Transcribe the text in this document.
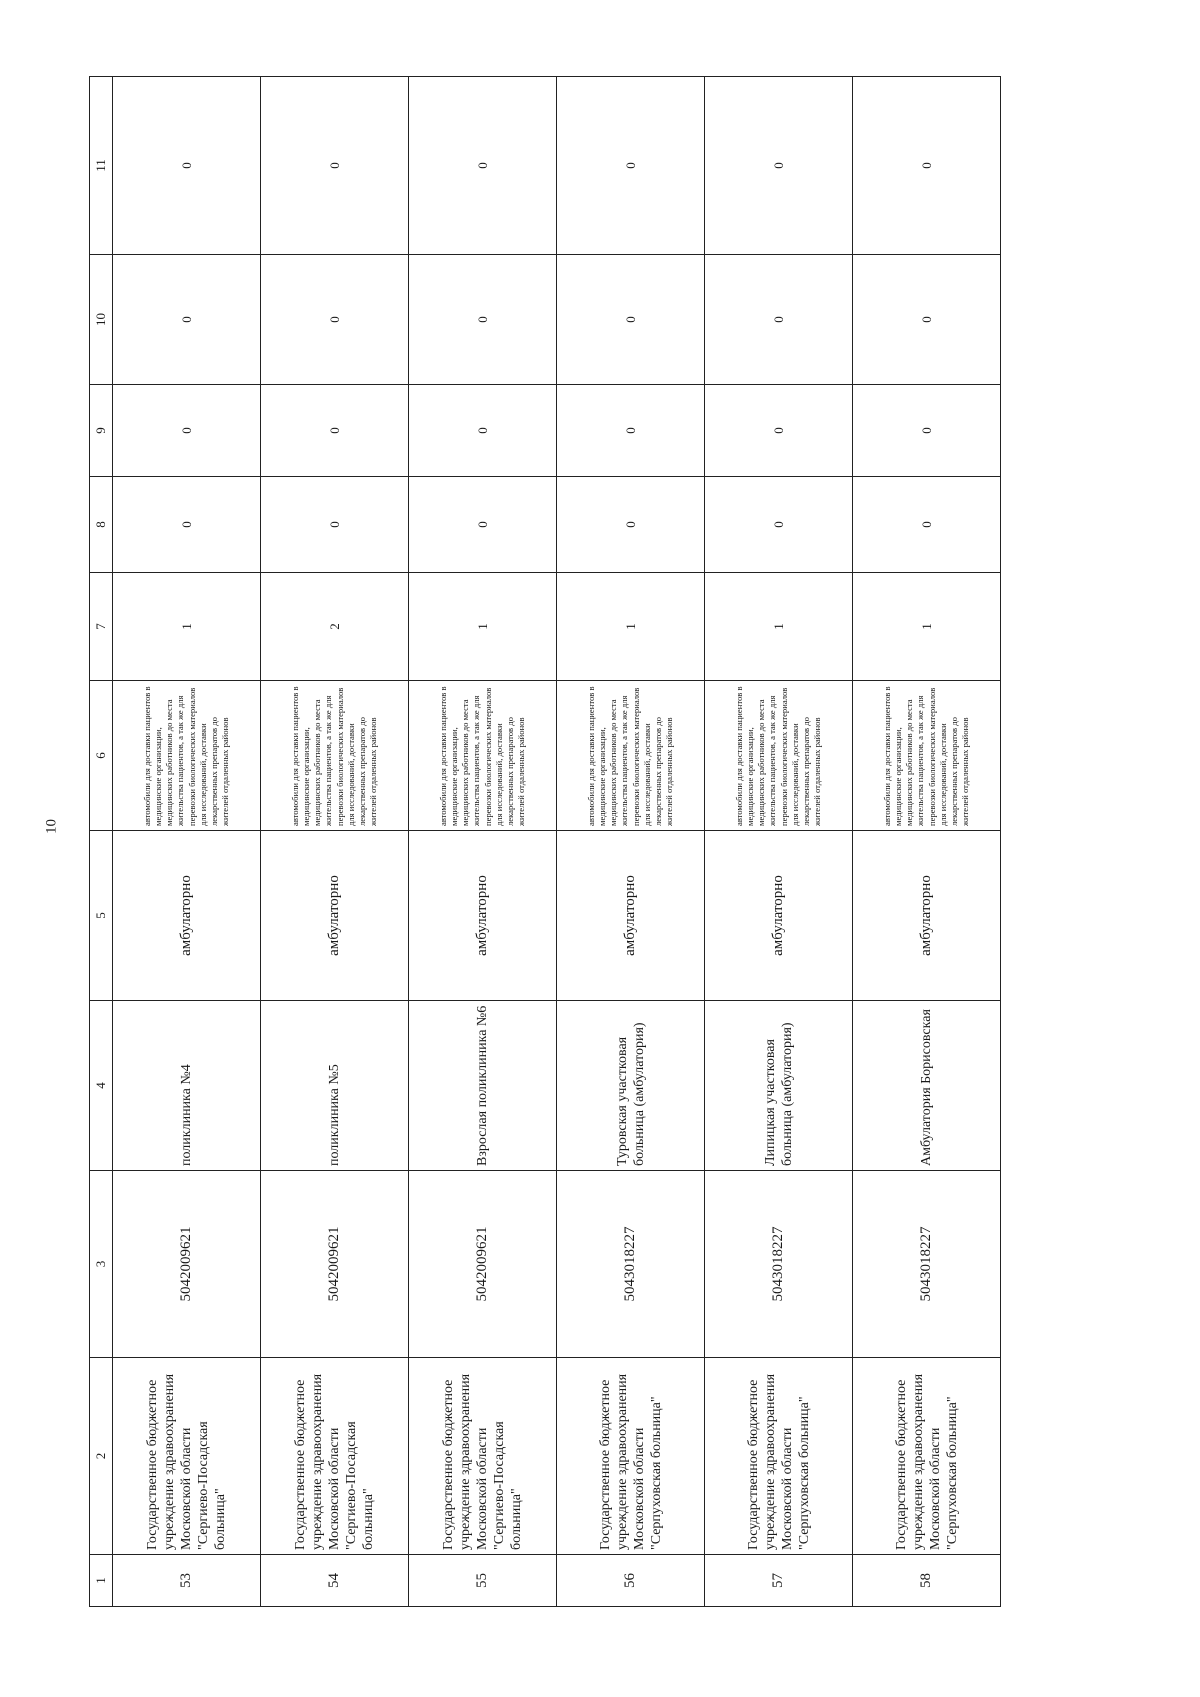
10
1	2	3	4	5	6	7	8	9	10	11
53	Государственное бюджетное учреждение здравоохранения Московской области "Сергиево-Посадская больница"	5042009621	поликлиника №4	амбулаторно	автомобили для доставки пациентов в медицинские организации, медицинских работников до места жительства пациентов, а так же для перевозки биологических материалов для исследований, доставки лекарственных препаратов до жителей отдаленных районов	1	0	0	0	0
54	Государственное бюджетное учреждение здравоохранения Московской области "Сергиево-Посадская больница"	5042009621	поликлиника №5	амбулаторно	автомобили для доставки пациентов в медицинские организации, медицинских работников до места жительства пациентов, а так же для перевозки биологических материалов для исследований, доставки лекарственных препаратов до жителей отдаленных районов	2	0	0	0	0
55	Государственное бюджетное учреждение здравоохранения Московской области "Сергиево-Посадская больница"	5042009621	Взрослая поликлиника №6	амбулаторно	автомобили для доставки пациентов в медицинские организации, медицинских работников до места жительства пациентов, а так же для перевозки биологических материалов для исследований, доставки лекарственных препаратов до жителей отдаленных районов	1	0	0	0	0
56	Государственное бюджетное учреждение здравоохранения Московской области "Серпуховская больница"	5043018227	Туровская участковая больница (амбулатория)	амбулаторно	автомобили для доставки пациентов в медицинские организации, медицинских работников до места жительства пациентов, а так же для перевозки биологических материалов для исследований, доставки лекарственных препаратов до жителей отдаленных районов	1	0	0	0	0
57	Государственное бюджетное учреждение здравоохранения Московской области "Серпуховская больница"	5043018227	Липицкая участковая больница (амбулатория)	амбулаторно	автомобили для доставки пациентов в медицинские организации, медицинских работников до места жительства пациентов, а так же для перевозки биологических материалов для исследований, доставки лекарственных препаратов до жителей отдаленных районов	1	0	0	0	0
58	Государственное бюджетное учреждение здравоохранения Московской области "Серпуховская больница"	5043018227	Амбулатория Борисовская	амбулаторно	автомобили для доставки пациентов в медицинские организации, медицинских работников до места жительства пациентов, а так же для перевозки биологических материалов для исследований, доставки лекарственных препаратов до жителей отдаленных районов	1	0	0	0	0
